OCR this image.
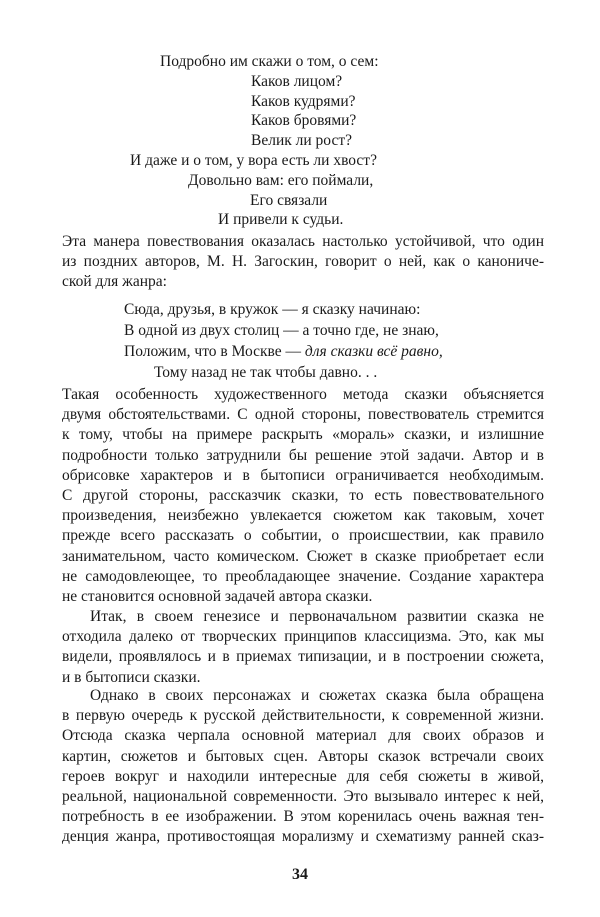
Подробно им скажи о том, о сем:
Каков лицом?
Каков кудрями?
Каков бровями?
Велик ли рост?
И даже и о том, у вора есть ли хвост?
Довольно вам: его поймали,
Его связали
И привели к судьи.
Эта манера повествования оказалась настолько устойчивой, что один
из поздних авторов, М. Н. Загоскин, говорит о ней, как о канониче-
ской для жанра:
Сюда, друзья, в кружок — я сказку начинаю:
В одной из двух столиц — а точно где, не знаю,
Положим, что в Москве — для сказки всё равно,
Тому назад не так чтобы давно. . .
Такая особенность художественного метода сказки объясняется
двумя обстоятельствами. С одной стороны, повествователь стремится
к тому, чтобы на примере раскрыть «мораль» сказки, и излишние
подробности только затруднили бы решение этой задачи. Автор и в
обрисовке характеров и в бытописи ограничивается необходимым.
С другой стороны, рассказчик сказки, то есть повествовательного
произведения, неизбежно увлекается сюжетом как таковым, хочет
прежде всего рассказать о событии, о происшествии, как правило
занимательном, часто комическом. Сюжет в сказке приобретает если
не самодовлеющее, то преобладающее значение. Создание характера
не становится основной задачей автора сказки.
Итак, в своем генезисе и первоначальном развитии сказка не
отходила далеко от творческих принципов классицизма. Это, как мы
видели, проявлялось и в приемах типизации, и в построении сюжета,
и в бытописи сказки.
Однако в своих персонажах и сюжетах сказка была обращена
в первую очередь к русской действительности, к современной жизни.
Отсюда сказка черпала основной материал для своих образов и
картин, сюжетов и бытовых сцен. Авторы сказок встречали своих
героев вокруг и находили интересные для себя сюжеты в живой,
реальной, национальной современности. Это вызывало интерес к ней,
потребность в ее изображении. В этом коренилась очень важная тен-
денция жанра, противостоящая морализму и схематизму ранней сказ-
34
